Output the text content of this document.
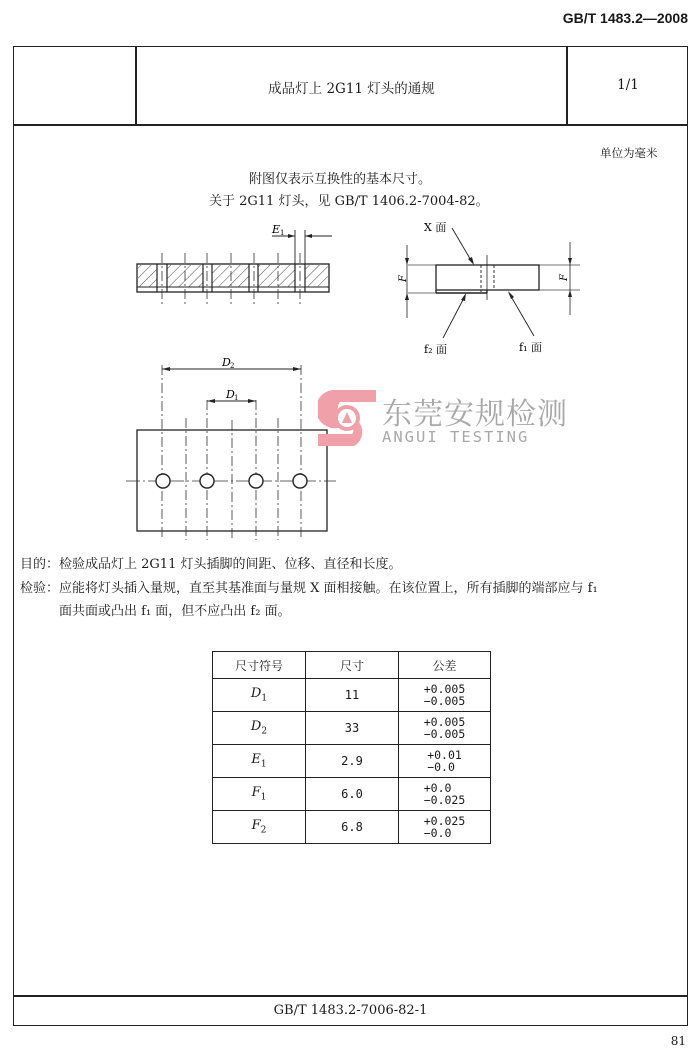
GB/T 1483.2—2008
成品灯上 2G11 灯头的通规	1/1
单位为毫米
附图仅表示互换性的基本尺寸。
关于 2G11 灯头，见 GB/T 1406.2-7004-82。
E 1
F	F
X 面
f₂ 面	f₁ 面
D 2
D 1	东莞安规检测
ANGUI TESTING
目的：检验成品灯上 2G11 灯头插脚的间距、位移、直径和长度。
检验：应能将灯头插入量规，直至其基准面与量规 X 面相接触。在该位置上，所有插脚的端部应与 f₁
面共面或凸出 f₁ 面，但不应凸出 f₂ 面。
尺寸符号	尺寸	公差
$D_1$	11	+0.005
−0.005
$D_2$	33	+0.005
−0.005
$E_1$	2.9	+0.01
−0.0
$F_1$	6.0	+0.0
−0.025
$F_2$	6.8	+0.025
−0.0
GB/T 1483.2-7006-82-1
81
